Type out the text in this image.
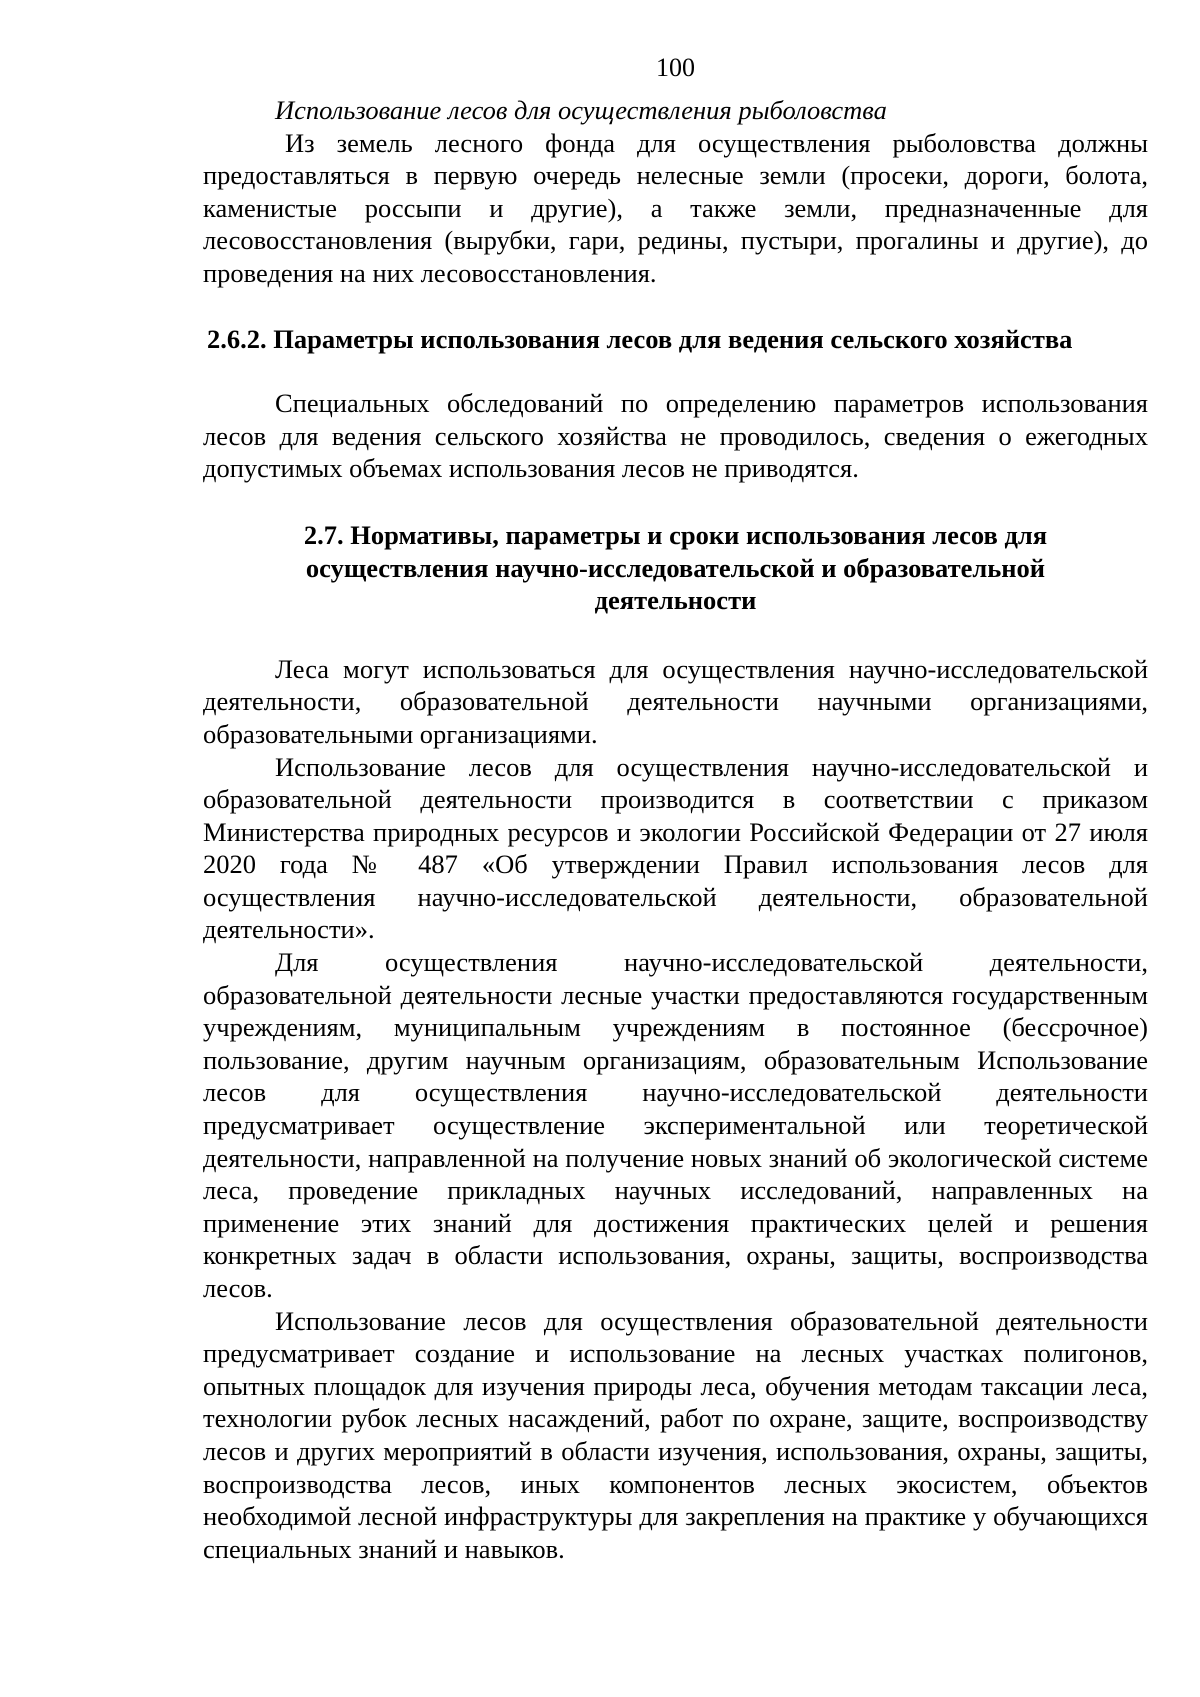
100
Использование лесов для осуществления рыболовства

Из земель лесного фонда для осуществления рыболовства должны предоставляться в первую очередь нелесные земли (просеки, дороги, болота, каменистые россыпи и другие), а также земли, предназначенные для лесовосстановления (вырубки, гари, редины, пустыри, прогалины и другие), до проведения на них лесовосстановления.

2.6.2. Параметры использования лесов для ведения сельского хозяйства

Специальных обследований по определению параметров использования лесов для ведения сельского хозяйства не проводилось, сведения о ежегодных допустимых объемах использования лесов не приводятся.

2.7. Нормативы, параметры и сроки использования лесов для осуществления научно-исследовательской и образовательной деятельности

Леса могут использоваться для осуществления научно-исследовательской деятельности, образовательной деятельности научными организациями, образовательными организациями.

Использование лесов для осуществления научно-исследовательской и образовательной деятельности производится в соответствии с приказом Министерства природных ресурсов и экологии Российской Федерации от 27 июля 2020 года № 487 «Об утверждении Правил использования лесов для осуществления научно-исследовательской деятельности, образовательной деятельности».

Для осуществления научно-исследовательской деятельности, образовательной деятельности лесные участки предоставляются государственным учреждениям, муниципальным учреждениям в постоянное (бессрочное) пользование, другим научным организациям, образовательным Использование лесов для осуществления научно-исследовательской деятельности предусматривает осуществление экспериментальной или теоретической деятельности, направленной на получение новых знаний об экологической системе леса, проведение прикладных научных исследований, направленных на применение этих знаний для достижения практических целей и решения конкретных задач в области использования, охраны, защиты, воспроизводства лесов.

Использование лесов для осуществления образовательной деятельности предусматривает создание и использование на лесных участках полигонов, опытных площадок для изучения природы леса, обучения методам таксации леса, технологии рубок лесных насаждений, работ по охране, защите, воспроизводству лесов и других мероприятий в области изучения, использования, охраны, защиты, воспроизводства лесов, иных компонентов лесных экосистем, объектов необходимой лесной инфраструктуры для закрепления на практике у обучающихся специальных знаний и навыков.
